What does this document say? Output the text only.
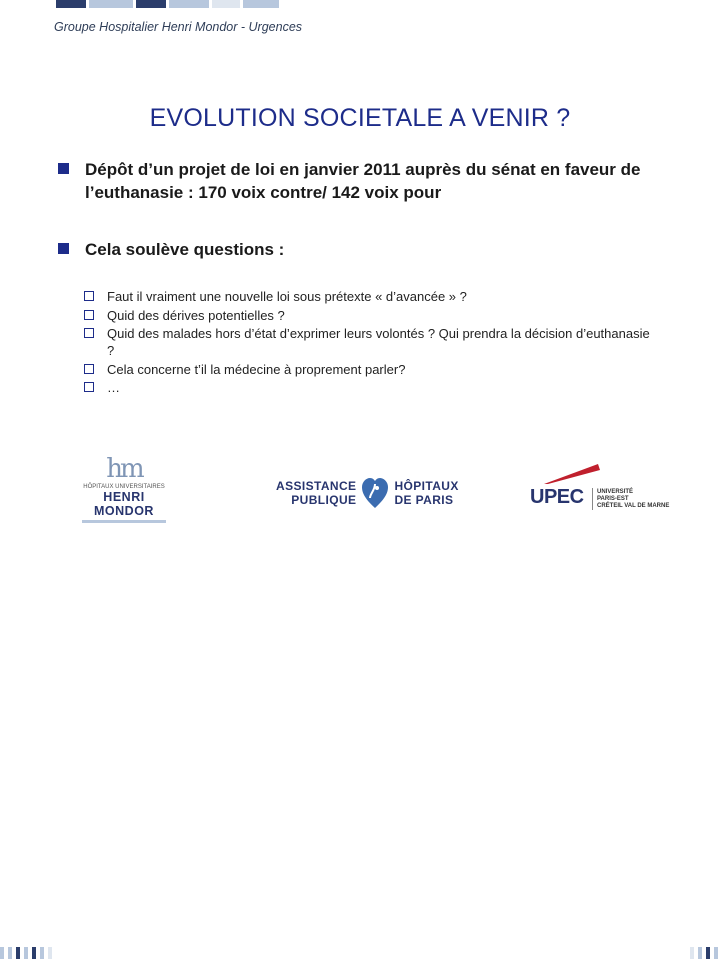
Groupe Hospitalier Henri Mondor - Urgences
EVOLUTION SOCIETALE A VENIR ?
Dépôt d’un projet de loi en janvier 2011 auprès du sénat en faveur de l’euthanasie : 170 voix contre/ 142 voix pour
Cela soulève questions :
Faut il vraiment une nouvelle loi sous prétexte « d’avancée » ?
Quid des dérives potentielles ?
Quid des malades hors d’état d’exprimer leurs volontés ? Qui prendra la décision d’euthanasie ?
Cela concerne t’il la médecine à proprement parler?
…
hm
HÔPITAUX UNIVERSITAIRES
HENRI MONDOR
ASSISTANCE
PUBLIQUE
HÔPITAUX
DE PARIS	UPEC UNIVERSITÉ
PARIS-EST
CRÉTEIL VAL DE MARNE
